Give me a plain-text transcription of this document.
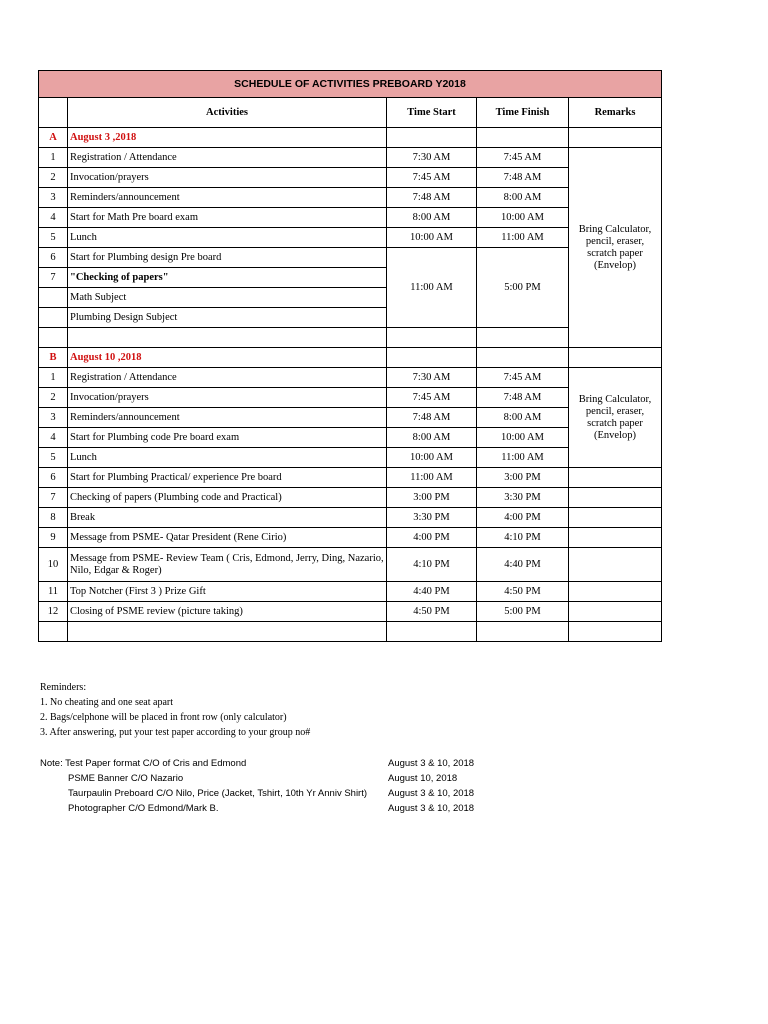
SCHEDULE OF ACTIVITIES PREBOARD Y2018				
	Activities	Time Start	Time Finish	Remarks
A	August 3 ,2018			
1	Registration / Attendance	7:30 AM	7:45 AM	Bring Calculator, pencil, eraser, scratch paper (Envelop)
2	Invocation/prayers	7:45 AM	7:48 AM	
3	Reminders/announcement	7:48 AM	8:00 AM	
4	Start for Math Pre board exam	8:00 AM	10:00 AM	
5	Lunch	10:00 AM	11:00 AM	
6	Start for Plumbing design Pre board	11:00 AM	5:00 PM	
7	"Checking of papers"			
	Math Subject			
	Plumbing Design Subject			

B	August 10 ,2018			
1	Registration / Attendance	7:30 AM	7:45 AM	Bring Calculator, pencil, eraser, scratch paper (Envelop)
2	Invocation/prayers	7:45 AM	7:48 AM	
3	Reminders/announcement	7:48 AM	8:00 AM	
4	Start for Plumbing code Pre board exam	8:00 AM	10:00 AM	
5	Lunch	10:00 AM	11:00 AM	
6	Start for Plumbing Practical/ experience Pre board	11:00 AM	3:00 PM	
7	Checking of papers (Plumbing code and Practical)	3:00 PM	3:30 PM	
8	Break	3:30 PM	4:00 PM	
9	Message from PSME- Qatar President (Rene Cirio)	4:00 PM	4:10 PM	
10	Message from PSME- Review Team ( Cris, Edmond, Jerry, Ding, Nazario, Nilo, Edgar & Roger)	4:10 PM	4:40 PM	
11	Top Notcher (First 3 ) Prize Gift	4:40 PM	4:50 PM	
12	Closing of PSME review (picture taking)	4:50 PM	5:00 PM	

Reminders:
1. No cheating and one seat apart
2. Bags/celphone will be placed in front row (only calculator)
3. After answering, put your test paper according to your group no#
Note: Test Paper format C/O of Cris and Edmond	August 3 & 10, 2018
PSME Banner C/O Nazario	August 10, 2018
Taurpaulin Preboard C/O Nilo, Price (Jacket, Tshirt, 10th Yr Anniv Shirt)	August 3 & 10, 2018
Photographer C/O Edmond/Mark B.	August 3 & 10, 2018
